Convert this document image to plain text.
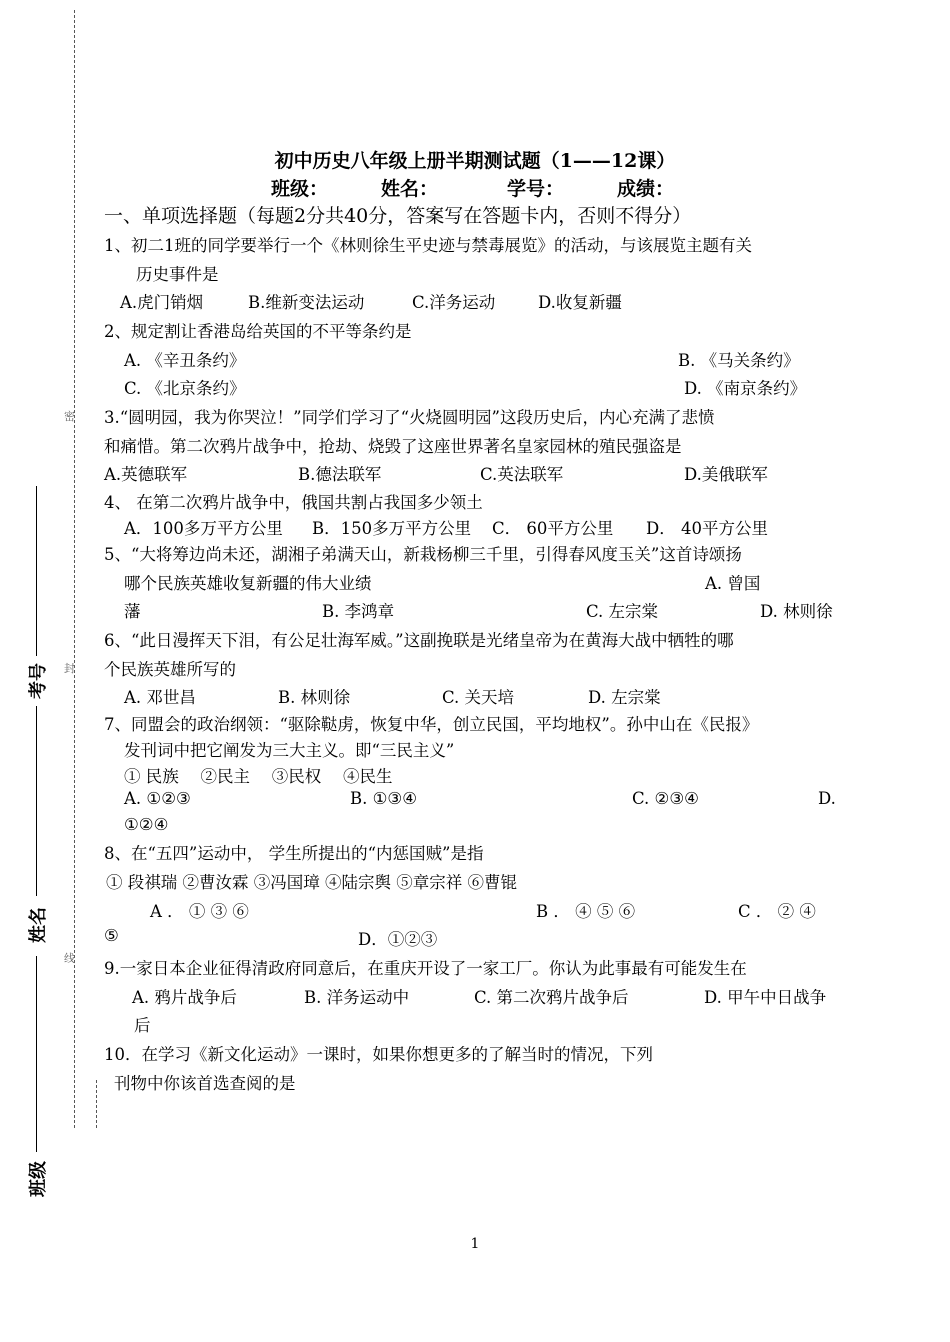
密
封
线
考号
姓名
班级
初中历史八年级上册半期测试题（1——12课）
班级：	姓名：	学号：	成绩：
一、单项选择题（每题2分共40分，答案写在答题卡内，否则不得分）
1、初二1班的同学要举行一个《林则徐生平史迹与禁毒展览》的活动，与该展览主题有关
历史事件是
A.虎门销烟	B.维新变法运动	C.洋务运动	D.收复新疆
2、规定割让香港岛给英国的不平等条约是
A. 《辛丑条约》	B. 《马关条约》
C. 《北京条约》	D. 《南京条约》
3.“圆明园，我为你哭泣！”同学们学习了“火烧圆明园”这段历史后，内心充满了悲愤
和痛惜。第二次鸦片战争中，抢劫、烧毁了这座世界著名皇家园林的殖民强盗是
A.英德联军	B.德法联军	C.英法联军	D.美俄联军
4、 在第二次鸦片战争中，俄国共割占我国多少领土
A．100多万平方公里 B．150多万平方公里 C． 60平方公里 D． 40平方公里
5、“大将筹边尚未还，湖湘子弟满天山，新栽杨柳三千里，引得春风度玉关”这首诗颂扬
哪个民族英雄收复新疆的伟大业绩	A. 曾国
藩	B. 李鸿章	C. 左宗棠	D. 林则徐
6、“此日漫挥天下泪，有公足壮海军威。”这副挽联是光绪皇帝为在黄海大战中牺牲的哪
个民族英雄所写的
A. 邓世昌	B. 林则徐	C. 关天培	D. 左宗棠
7、同盟会的政治纲领：“驱除鞑虏，恢复中华，创立民国，平均地权”。孙中山在《民报》
发刊词中把它阐发为三大主义。即“三民主义”
① 民族 　②民主 　③民权 　④民生
A. ①②③	B. ①③④	C. ②③④	D.
①②④
8、在“五四”运动中， 学生所提出的“内惩国贼”是指
① 段祺瑞 ②曹汝霖 ③冯国璋 ④陆宗舆 ⑤章宗祥 ⑥曹锟
A ． ① ③ ⑥	B ． ④ ⑤ ⑥	C ． ② ④
⑤	D．①②③
9.一家日本企业征得清政府同意后，在重庆开设了一家工厂。你认为此事最有可能发生在
A. 鸦片战争后	B. 洋务运动中	C. 第二次鸦片战争后	D. 甲午中日战争
后
10．在学习《新文化运动》一课时，如果你想更多的了解当时的情况，下列
刊物中你该首选查阅的是
1
